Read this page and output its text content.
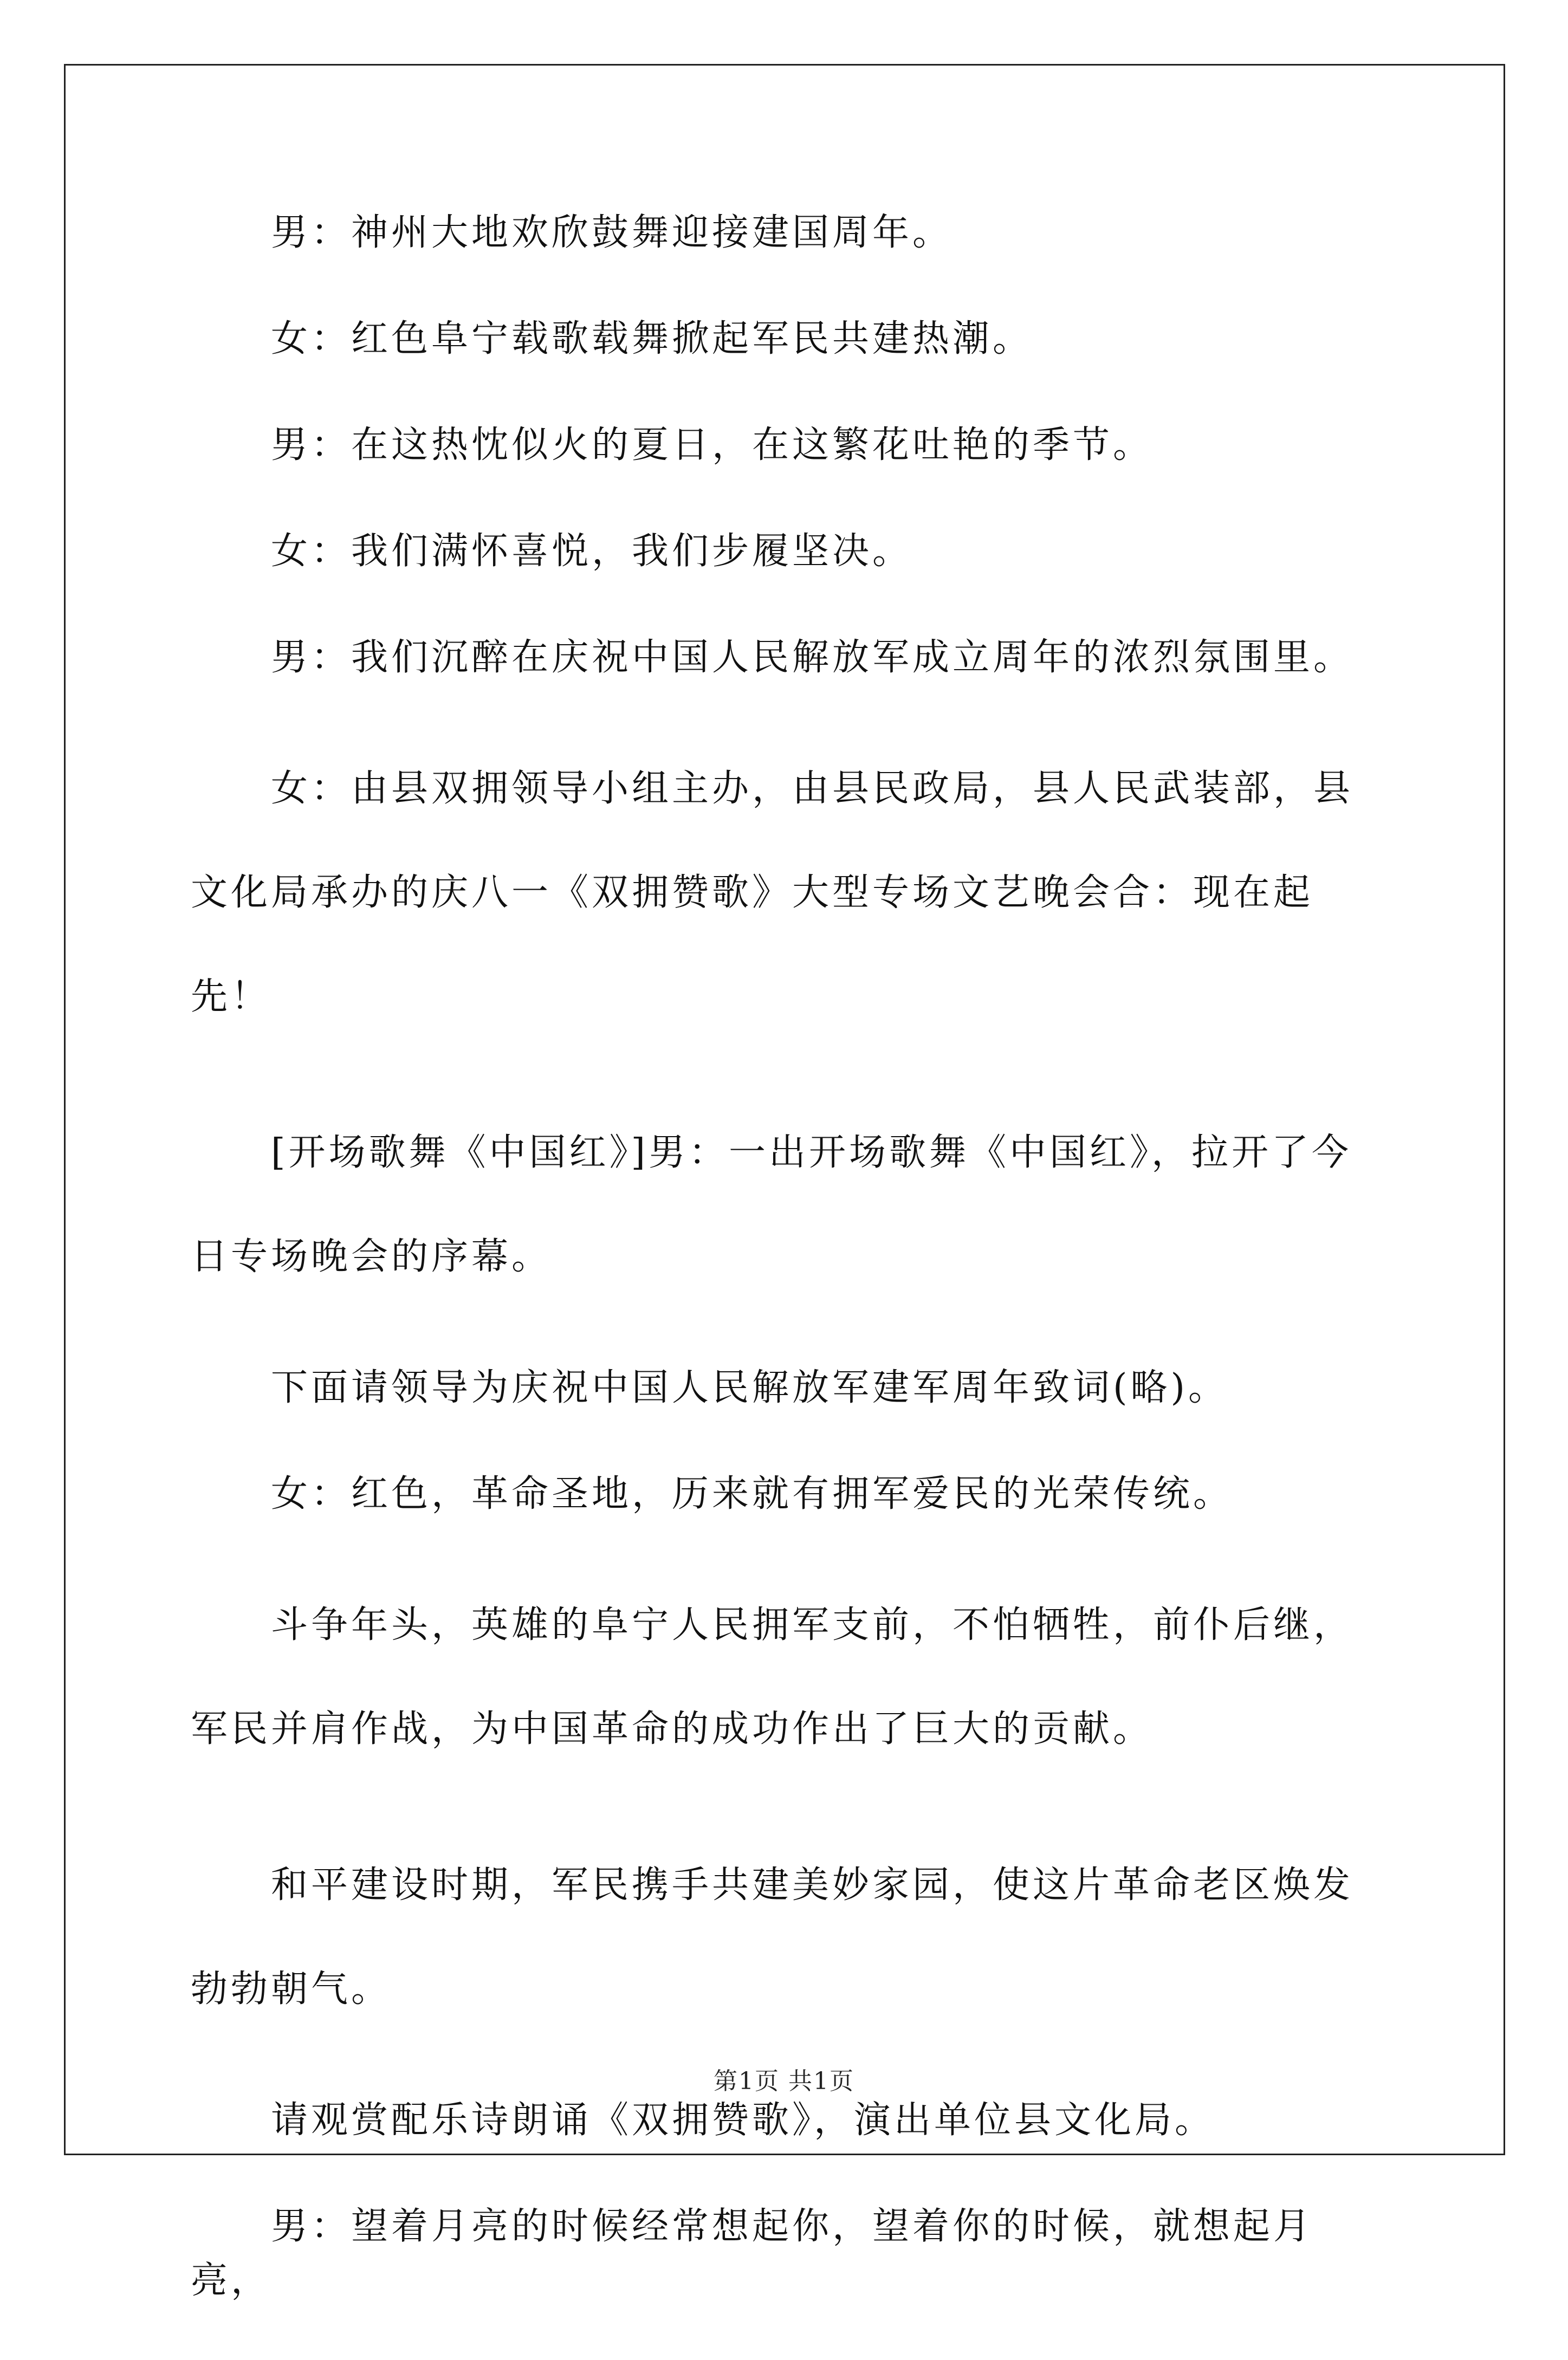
男：神州大地欢欣鼓舞迎接建国周年。

女：红色阜宁载歌载舞掀起军民共建热潮。

男：在这热忱似火的夏日，在这繁花吐艳的季节。

女：我们满怀喜悦，我们步履坚决。

男：我们沉醉在庆祝中国人民解放军成立周年的浓烈氛围里。

女：由县双拥领导小组主办，由县民政局，县人民武装部，县文化局承办的庆八一《双拥赞歌》大型专场文艺晚会合：现在起先！

[开场歌舞《中国红》]男：一出开场歌舞《中国红》，拉开了今日专场晚会的序幕。

下面请领导为庆祝中国人民解放军建军周年致词(略)。

女：红色，革命圣地，历来就有拥军爱民的光荣传统。

斗争年头，英雄的阜宁人民拥军支前，不怕牺牲，前仆后继，军民并肩作战，为中国革命的成功作出了巨大的贡献。

和平建设时期，军民携手共建美妙家园，使这片革命老区焕发勃勃朝气。

请观赏配乐诗朗诵《双拥赞歌》，演出单位县文化局。

男：望着月亮的时候经常想起你，望着你的时候，就想起月亮，

第1页 共1页
